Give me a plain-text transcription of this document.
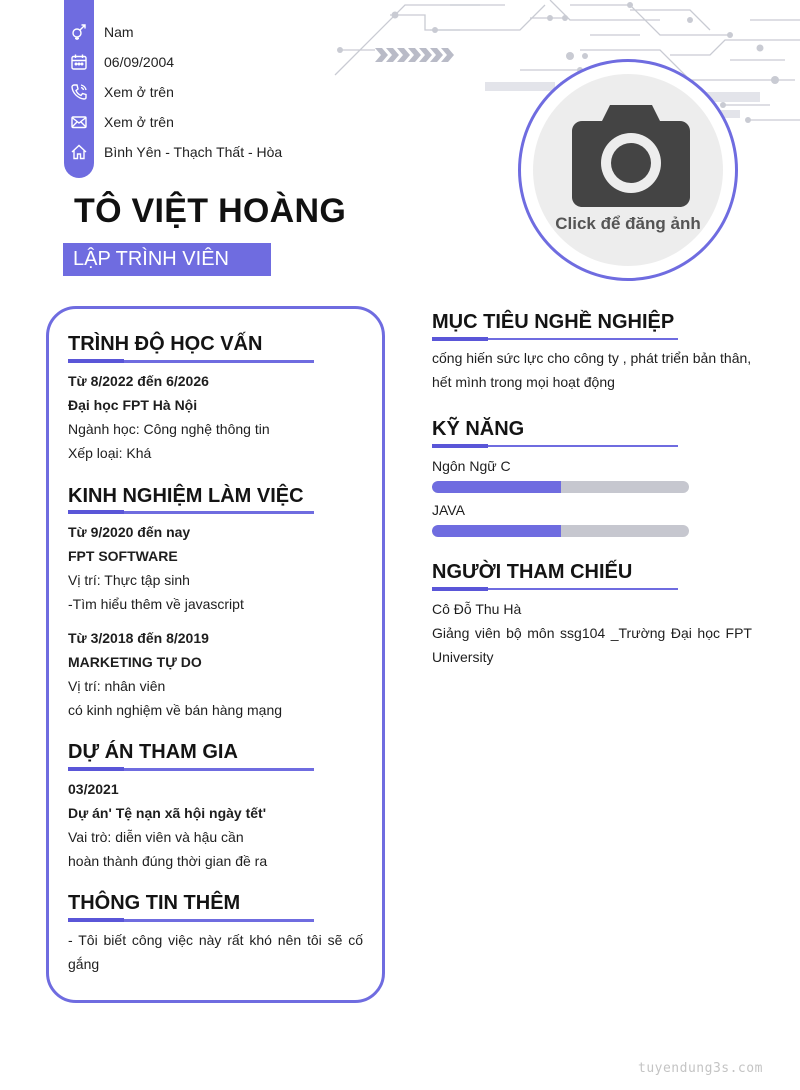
Nam
06/09/2004
Xem ở trên
Xem ở trên
Bình Yên - Thạch Thất - Hòa
TÔ VIỆT HOÀNG
LẬP TRÌNH VIÊN
Click để đăng ảnh
TRÌNH ĐỘ HỌC VẤN
Từ 8/2022 đến 6/2026
Đại học FPT Hà Nội
Ngành học: Công nghệ thông tin
Xếp loại: Khá
KINH NGHIỆM LÀM VIỆC
Từ 9/2020 đến nay
FPT SOFTWARE
Vị trí: Thực tập sinh
-Tìm hiểu thêm về javascript
Từ 3/2018 đến 8/2019
MARKETING TỰ DO
Vị trí: nhân viên
có kinh nghiệm về bán hàng mạng
DỰ ÁN THAM GIA
03/2021
Dự án' Tệ nạn xã hội ngày tết'
Vai trò: diễn viên và hậu cần
hoàn thành đúng thời gian đề ra
THÔNG TIN THÊM
- Tôi biết công việc này rất khó nên tôi sẽ cố gắng
MỤC TIÊU NGHỀ NGHIỆP
cống hiến sức lực cho công ty , phát triển bản thân, hết mình trong mọi hoạt động
KỸ NĂNG
Ngôn Ngữ C
JAVA
NGƯỜI THAM CHIẾU
Cô Đỗ Thu Hà
Giảng viên bộ môn ssg104 _Trường Đại học FPT University
tuyendung3s.com
